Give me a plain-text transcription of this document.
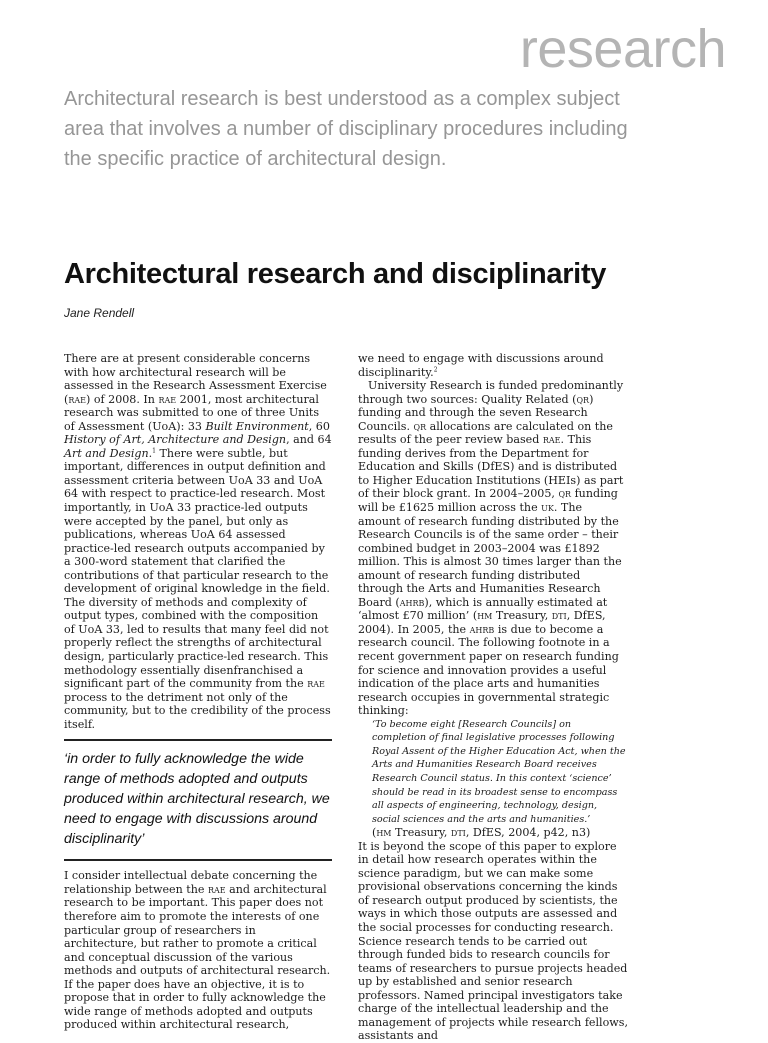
research
Architectural research is best understood as a complex subject area that involves a number of disciplinary procedures including the specific practice of architectural design.
Architectural research and disciplinarity
Jane Rendell

There are at present considerable concerns with how architectural research will be assessed in the Research Assessment Exercise (rae) of 2008. In rae 2001, most architectural research was submitted to one of three Units of Assessment (UoA): 33 Built Environment, 60 History of Art, Architecture and Design, and 64 Art and Design.$^1$ There were subtle, but important, differences in output definition and assessment criteria between UoA 33 and UoA 64 with respect to practice-led research. Most importantly, in UoA 33 practice-led outputs were accepted by the panel, but only as publications, whereas UoA 64 assessed practice-led research outputs accompanied by a 300-word statement that clarified the contributions of that particular research to the development of original knowledge in the field. The diversity of methods and complexity of output types, combined with the composition of UoA 33, led to results that many feel did not properly reflect the strengths of architectural design, particularly practice-led research. This methodology essentially disenfranchised a significant part of the community from the rae process to the detriment not only of the community, but to the credibility of the process itself.

‘in order to fully acknowledge the wide range of methods adopted and outputs produced within architectural research, we need to engage with discussions around disciplinarity’

I consider intellectual debate concerning the relationship between the rae and architectural research to be important. This paper does not therefore aim to promote the interests of one particular group of researchers in architecture, but rather to promote a critical and conceptual discussion of the various methods and outputs of architectural research. If the paper does have an objective, it is to propose that in order to fully acknowledge the wide range of methods adopted and outputs produced within architectural research,

we need to engage with discussions around disciplinarity.$^2$

University Research is funded predominantly through two sources: Quality Related (qr) funding and through the seven Research Councils. qr allocations are calculated on the results of the peer review based rae. This funding derives from the Department for Education and Skills (DfES) and is distributed to Higher Education Institutions (HEIs) as part of their block grant. In 2004–2005, qr funding will be £1625 million across the uk. The amount of research funding distributed by the Research Councils is of the same order – their combined budget in 2003–2004 was £1892 million. This is almost 30 times larger than the amount of research funding distributed through the Arts and Humanities Research Board (ahrb), which is annually estimated at ‘almost £70 million’ (hm Treasury, dti, DfES, 2004). In 2005, the ahrb is due to become a research council. The following footnote in a recent government paper on research funding for science and innovation provides a useful indication of the place arts and humanities research occupies in governmental strategic thinking:

‘To become eight [Research Councils] on completion of final legislative processes following Royal Assent of the Higher Education Act, when the Arts and Humanities Research Board receives Research Council status. In this context ‘science’ should be read in its broadest sense to encompass all aspects of engineering, technology, design, social sciences and the arts and humanities.’

(hm Treasury, dti, DfES, 2004, p42, n3)

It is beyond the scope of this paper to explore in detail how research operates within the science paradigm, but we can make some provisional observations concerning the kinds of research output produced by scientists, the ways in which those outputs are assessed and the social processes for conducting research. Science research tends to be carried out through funded bids to research councils for teams of researchers to pursue projects headed up by established and senior research professors. Named principal investigators take charge of the intellectual leadership and the management of projects while research fellows, assistants and
